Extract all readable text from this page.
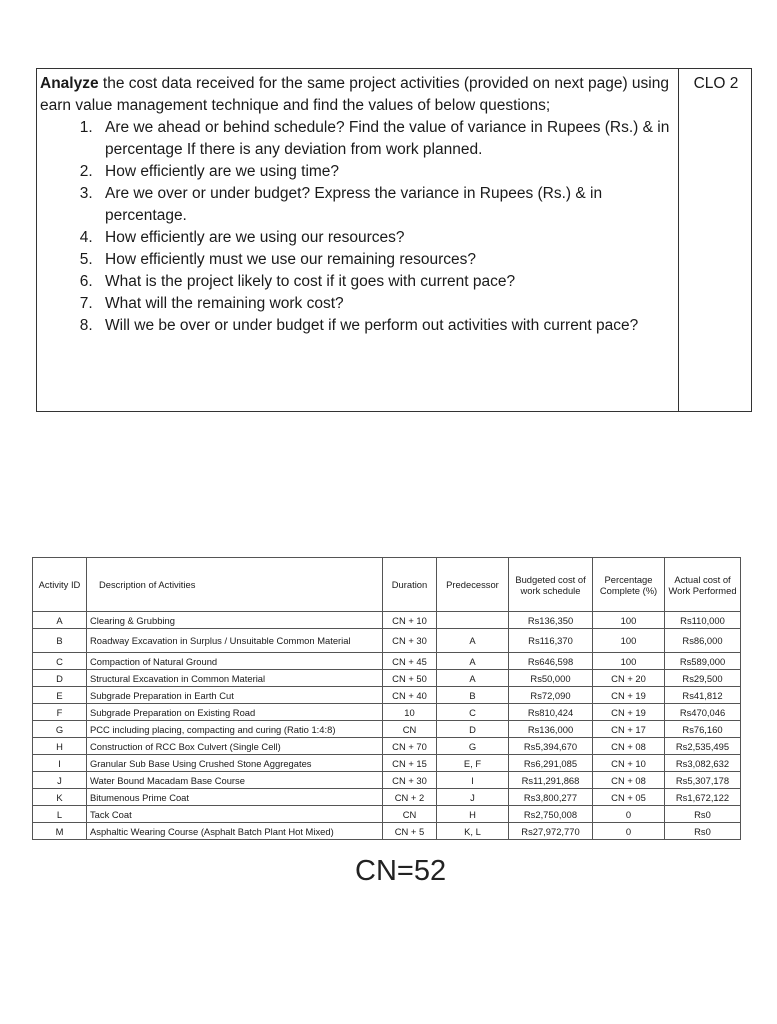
Analyze the cost data received for the same project activities (provided on next page) using earn value management technique and find the values of below questions;
1. Are we ahead or behind schedule? Find the value of variance in Rupees (Rs.) & in percentage If there is any deviation from work planned.
2. How efficiently are we using time?
3. Are we over or under budget? Express the variance in Rupees (Rs.) & in percentage.
4. How efficiently are we using our resources?
5. How efficiently must we use our remaining resources?
6. What is the project likely to cost if it goes with current pace?
7. What will the remaining work cost?
8. Will we be over or under budget if we perform out activities with current pace?
CLO 2
Activity ID	Description of Activities	Duration	Predecessor	Budgeted cost of work schedule	Percentage Complete (%)	Actual cost of Work Performed
A	Clearing & Grubbing	CN + 10		Rs136,350	100	Rs110,000
B	Roadway Excavation in Surplus / Unsuitable Common Material	CN + 30	A	Rs116,370	100	Rs86,000
C	Compaction of Natural Ground	CN + 45	A	Rs646,598	100	Rs589,000
D	Structural Excavation in Common Material	CN + 50	A	Rs50,000	CN + 20	Rs29,500
E	Subgrade Preparation in Earth Cut	CN + 40	B	Rs72,090	CN + 19	Rs41,812
F	Subgrade Preparation on Existing Road	10	C	Rs810,424	CN + 19	Rs470,046
G	PCC including placing, compacting and curing (Ratio 1:4:8)	CN	D	Rs136,000	CN + 17	Rs76,160
H	Construction of RCC Box Culvert (Single Cell)	CN + 70	G	Rs5,394,670	CN + 08	Rs2,535,495
I	Granular Sub Base Using Crushed Stone Aggregates	CN + 15	E, F	Rs6,291,085	CN + 10	Rs3,082,632
J	Water Bound Macadam Base Course	CN + 30	I	Rs11,291,868	CN + 08	Rs5,307,178
K	Bitumenous Prime Coat	CN + 2	J	Rs3,800,277	CN + 05	Rs1,672,122
L	Tack Coat	CN	H	Rs2,750,008	0	Rs0
M	Asphaltic Wearing Course (Asphalt Batch Plant Hot Mixed)	CN + 5	K, L	Rs27,972,770	0	Rs0
CN=52
